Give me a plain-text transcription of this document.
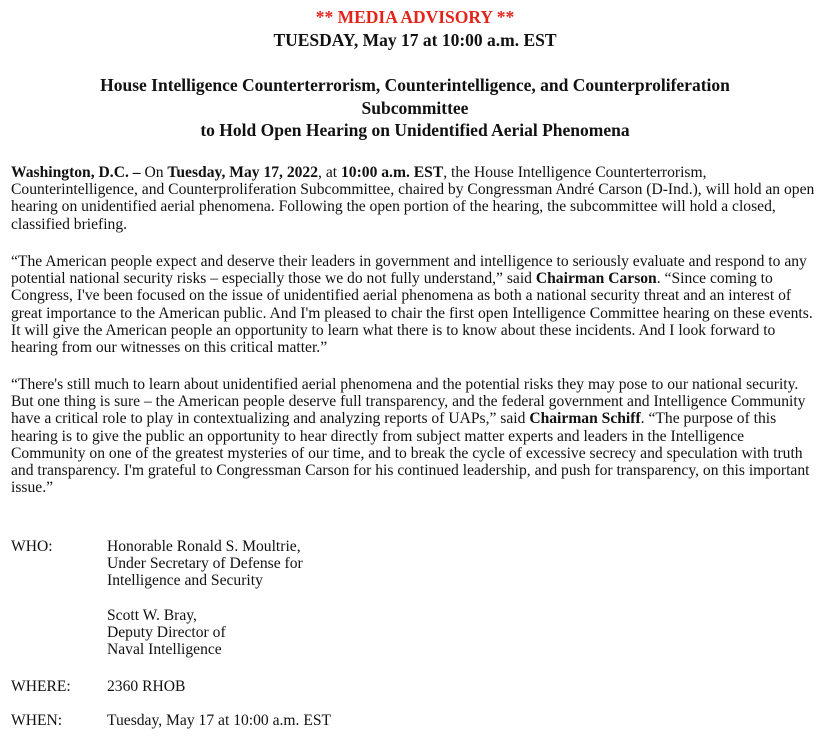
** MEDIA ADVISORY **
TUESDAY, May 17 at 10:00 a.m. EST
House Intelligence Counterterrorism, Counterintelligence, and Counterproliferation
Subcommittee
to Hold Open Hearing on Unidentified Aerial Phenomena

Washington, D.C. – On Tuesday, May 17, 2022, at 10:00 a.m. EST, the House Intelligence Counterterrorism, Counterintelligence, and Counterproliferation Subcommittee, chaired by Congressman André Carson (D-Ind.), will hold an open hearing on unidentified aerial phenomena. Following the open portion of the hearing, the subcommittee will hold a closed, classified briefing.

“The American people expect and deserve their leaders in government and intelligence to seriously evaluate and respond to any potential national security risks – especially those we do not fully understand,” said Chairman Carson. “Since coming to Congress, I've been focused on the issue of unidentified aerial phenomena as both a national security threat and an interest of great importance to the American public. And I'm pleased to chair the first open Intelligence Committee hearing on these events. It will give the American people an opportunity to learn what there is to know about these incidents. And I look forward to hearing from our witnesses on this critical matter.”

“There's still much to learn about unidentified aerial phenomena and the potential risks they may pose to our national security. But one thing is sure – the American people deserve full transparency, and the federal government and Intelligence Community have a critical role to play in contextualizing and analyzing reports of UAPs,” said Chairman Schiff. “The purpose of this hearing is to give the public an opportunity to hear directly from subject matter experts and leaders in the Intelligence Community on one of the greatest mysteries of our time, and to break the cycle of excessive secrecy and speculation with truth and transparency. I'm grateful to Congressman Carson for his continued leadership, and push for transparency, on this important issue.”

WHO:	Honorable Ronald S. Moultrie,
Under Secretary of Defense for
Intelligence and Security
Scott W. Bray,
Deputy Director of
Naval Intelligence
WHERE: 2360 RHOB
WHEN:	Tuesday, May 17 at 10:00 a.m. EST
